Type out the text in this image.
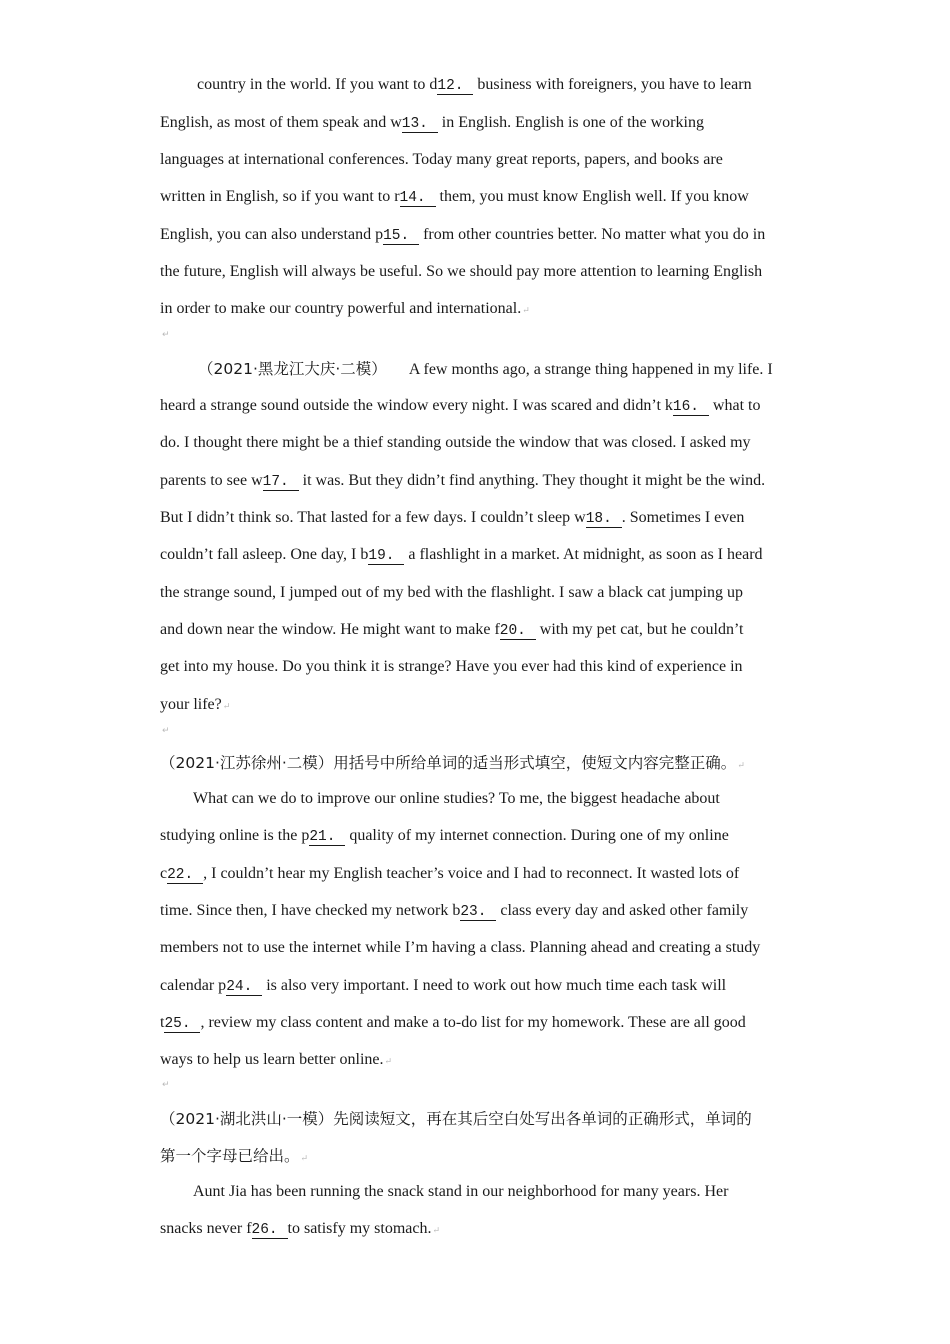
country in the world. If you want to d12. business with foreigners, you have to learn
English, as most of them speak and w13. in English. English is one of the working
languages at international conferences. Today many great reports, papers, and books are
written in English, so if you want to r14. them, you must know English well. If you know
English, you can also understand p15. from other countries better. No matter what you do in
the future, English will always be useful. So we should pay more attention to learning English
in order to make our country powerful and international.↵
↵
（2021·黑龙江大庆·二模） A few months ago, a strange thing happened in my life. I
heard a strange sound outside the window every night. I was scared and didn’t k16. what to
do. I thought there might be a thief standing outside the window that was closed. I asked my
parents to see w17. it was. But they didn’t find anything. They thought it might be the wind.
But I didn’t think so. That lasted for a few days. I couldn’t sleep w18. . Sometimes I even
couldn’t fall asleep. One day, I b19. a flashlight in a market. At midnight, as soon as I heard
the strange sound, I jumped out of my bed with the flashlight. I saw a black cat jumping up
and down near the window. He might want to make f20. with my pet cat, but he couldn’t
get into my house. Do you think it is strange? Have you ever had this kind of experience in
your life?↵
↵
（2021·江苏徐州·二模）用括号中所给单词的适当形式填空，使短文内容完整正确。↵
What can we do to improve our online studies? To me, the biggest headache about
studying online is the p21. quality of my internet connection. During one of my online
c22. , I couldn’t hear my English teacher’s voice and I had to reconnect. It wasted lots of
time. Since then, I have checked my network b23. class every day and asked other family
members not to use the internet while I’m having a class. Planning ahead and creating a study
calendar p24. is also very important. I need to work out how much time each task will
t25. , review my class content and make a to-do list for my homework. These are all good
ways to help us learn better online.↵
↵
（2021·湖北洪山·一模）先阅读短文，再在其后空白处写出各单词的正确形式，单词的
第一个字母已给出。↵
Aunt Jia has been running the snack stand in our neighborhood for many years. Her
snacks never f26. to satisfy my stomach.↵
